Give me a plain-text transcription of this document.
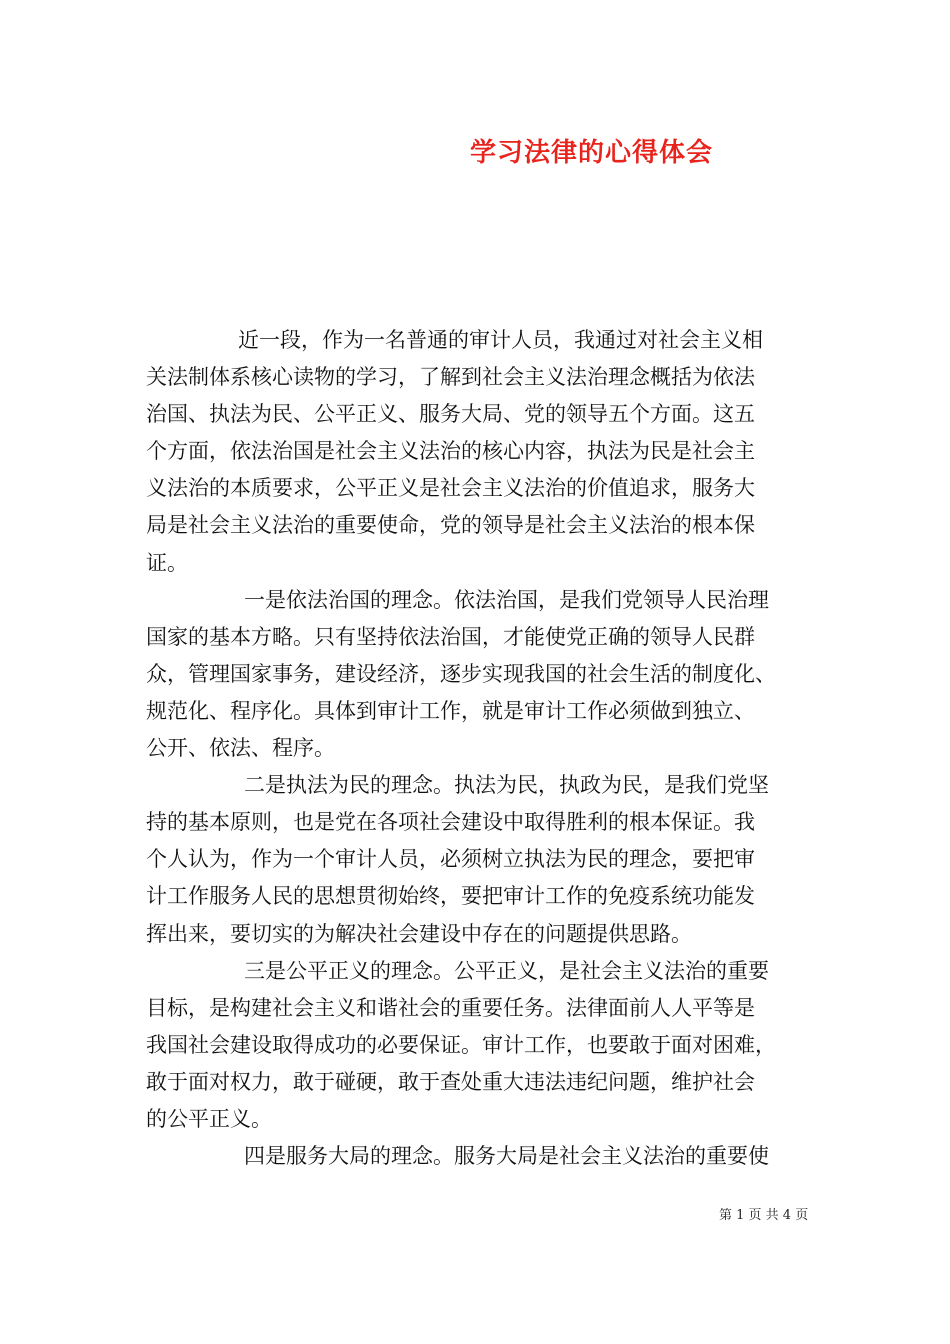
学习法律的心得体会
近一段，作为一名普通的审计人员，我通过对社会主义相
关法制体系核心读物的学习，了解到社会主义法治理念概括为依法
治国、执法为民、公平正义、服务大局、党的领导五个方面。这五
个方面，依法治国是社会主义法治的核心内容，执法为民是社会主
义法治的本质要求，公平正义是社会主义法治的价值追求，服务大
局是社会主义法治的重要使命，党的领导是社会主义法治的根本保
证。
一是依法治国的理念。依法治国，是我们党领导人民治理
国家的基本方略。只有坚持依法治国，才能使党正确的领导人民群
众，管理国家事务，建设经济，逐步实现我国的社会生活的制度化、
规范化、程序化。具体到审计工作，就是审计工作必须做到独立、
公开、依法、程序。
二是执法为民的理念。执法为民，执政为民，是我们党坚
持的基本原则，也是党在各项社会建设中取得胜利的根本保证。我
个人认为，作为一个审计人员，必须树立执法为民的理念，要把审
计工作服务人民的思想贯彻始终，要把审计工作的免疫系统功能发
挥出来，要切实的为解决社会建设中存在的问题提供思路。
三是公平正义的理念。公平正义，是社会主义法治的重要
目标，是构建社会主义和谐社会的重要任务。法律面前人人平等是
我国社会建设取得成功的必要保证。审计工作，也要敢于面对困难，
敢于面对权力，敢于碰硬，敢于查处重大违法违纪问题，维护社会
的公平正义。
四是服务大局的理念。服务大局是社会主义法治的重要使
第 1 页 共 4 页
